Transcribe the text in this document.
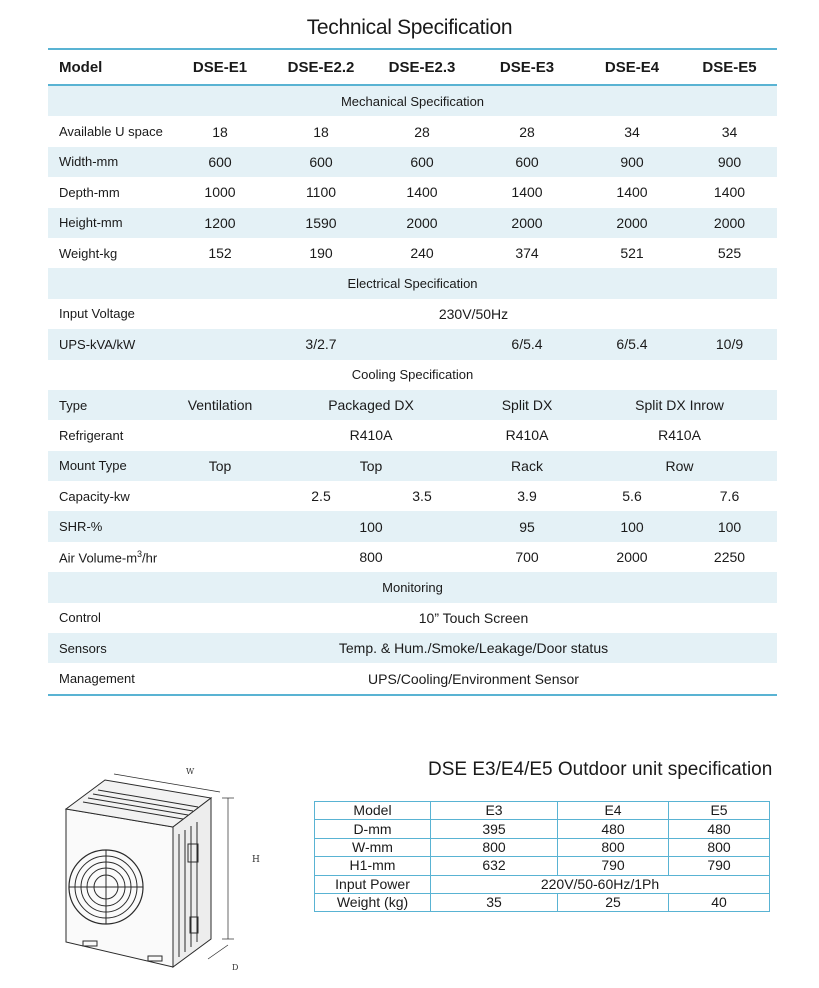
Technical Specification
Model	DSE-E1	DSE-E2.2	DSE-E2.3	DSE-E3	DSE-E4	DSE-E5
Mechanical Specification						
Available U space	18	18	28	28	34	34
Width-mm	600	600	600	600	900	900
Depth-mm	1000	1100	1400	1400	1400	1400
Height-mm	1200	1590	2000	2000	2000	2000
Weight-kg	152	190	240	374	521	525
Electrical Specification						
Input Voltage	230V/50Hz					
UPS-kVA/kW		3/2.7		6/5.4	6/5.4	10/9
Cooling Specification						
Type	Ventilation	Packaged DX		Split DX	Split DX Inrow	
Refrigerant		R410A		R410A	R410A	
Mount Type	Top	Top		Rack	Row	
Capacity-kw		2.5	3.5	3.9	5.6	7.6
SHR-%		100		95	100	100
Air Volume-$m^3/hr$		800		700	2000	2250
Monitoring						
Control	10” Touch Screen					
Sensors	Temp. & Hum./Smoke/Leakage/Door status					
Management	UPS/Cooling/Environment Sensor					
W
H
D
DSE E3/E4/E5 Outdoor unit specification
Model	E3	E4	E5
D-mm	395	480	480
W-mm	800	800	800
H1-mm	632	790	790
Input Power	220V/50-60Hz/1Ph		
Weight (kg)	35	25	40
